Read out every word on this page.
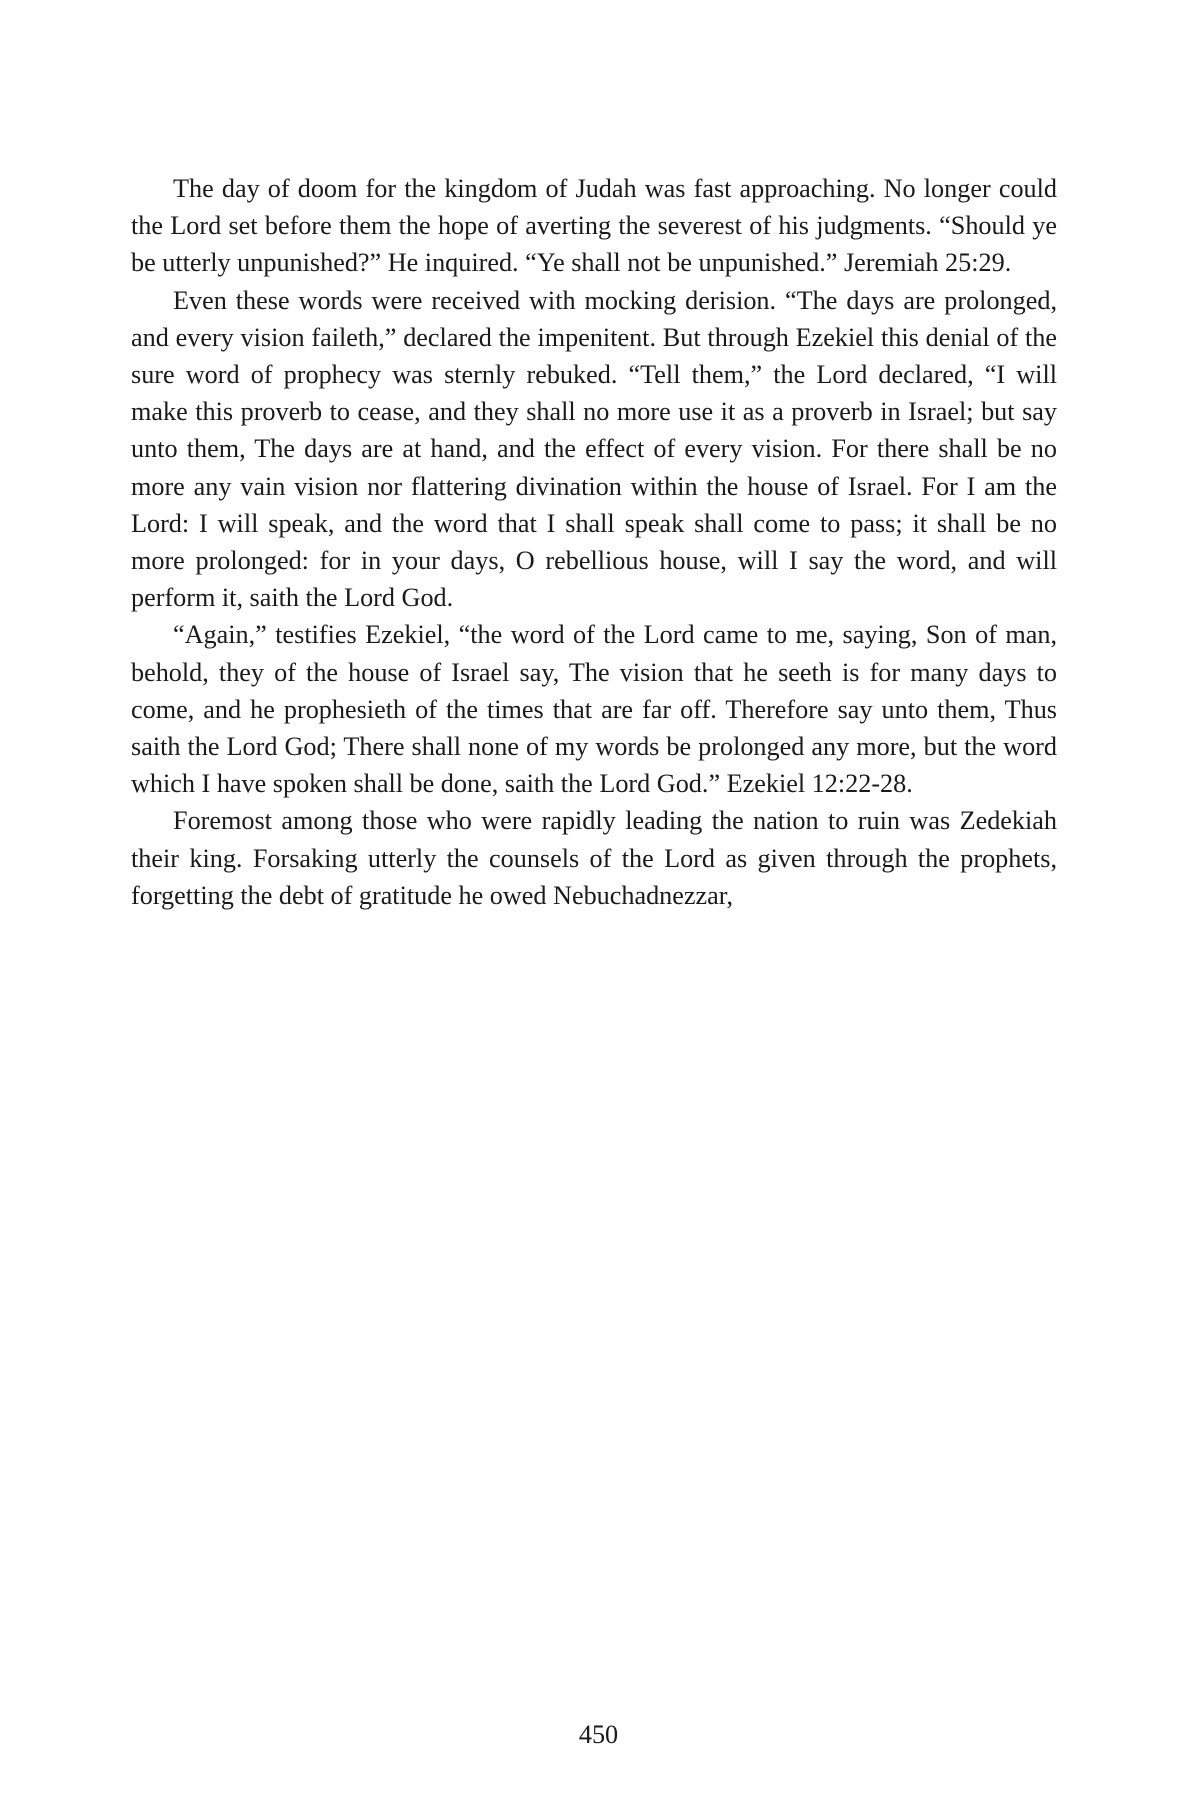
The day of doom for the kingdom of Judah was fast approaching. No longer could the Lord set before them the hope of averting the severest of his judgments. “Should ye be utterly unpunished?” He inquired. “Ye shall not be unpunished.” Jeremiah 25:29.

Even these words were received with mocking derision. “The days are prolonged, and every vision faileth,” declared the impenitent. But through Ezekiel this denial of the sure word of prophecy was sternly rebuked. “Tell them,” the Lord declared, “I will make this proverb to cease, and they shall no more use it as a proverb in Israel; but say unto them, The days are at hand, and the effect of every vision. For there shall be no more any vain vision nor flattering divination within the house of Israel. For I am the Lord: I will speak, and the word that I shall speak shall come to pass; it shall be no more prolonged: for in your days, O rebellious house, will I say the word, and will perform it, saith the Lord God.

“Again,” testifies Ezekiel, “the word of the Lord came to me, saying, Son of man, behold, they of the house of Israel say, The vision that he seeth is for many days to come, and he prophesieth of the times that are far off. Therefore say unto them, Thus saith the Lord God; There shall none of my words be prolonged any more, but the word which I have spoken shall be done, saith the Lord God.” Ezekiel 12:22-28.

Foremost among those who were rapidly leading the nation to ruin was Zedekiah their king. Forsaking utterly the counsels of the Lord as given through the prophets, forgetting the debt of gratitude he owed Nebuchadnezzar,

450
